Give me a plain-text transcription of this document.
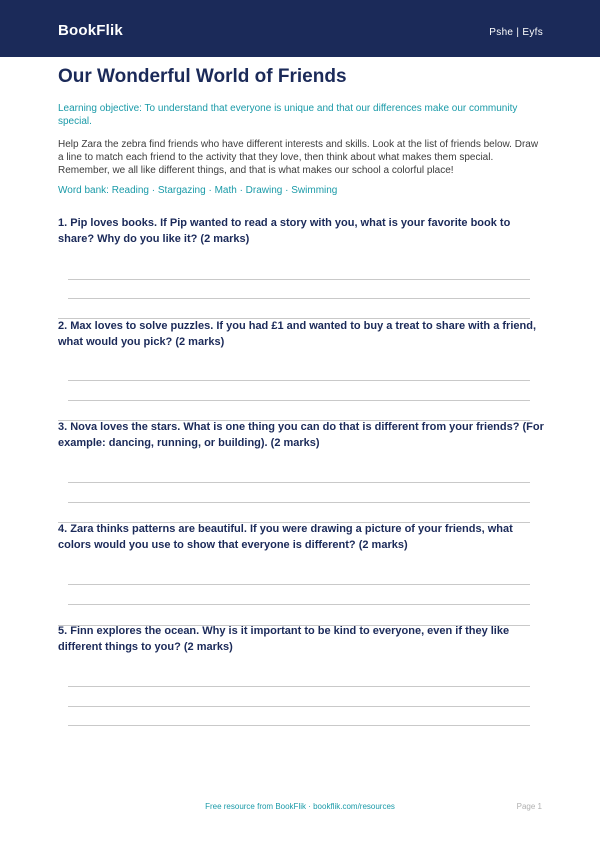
BookFlik	Pshe | Eyfs
Our Wonderful World of Friends
Learning objective: To understand that everyone is unique and that our differences make our community special.
Help Zara the zebra find friends who have different interests and skills. Look at the list of friends below. Draw a line to match each friend to the activity that they love, then think about what makes them special. Remember, we all like different things, and that is what makes our school a colorful place!
Word bank: Reading · Stargazing · Math · Drawing · Swimming
1. Pip loves books. If Pip wanted to read a story with you, what is your favorite book to share? Why do you like it? (2 marks)
2. Max loves to solve puzzles. If you had £1 and wanted to buy a treat to share with a friend, what would you pick? (2 marks)
3. Nova loves the stars. What is one thing you can do that is different from your friends? (For example: dancing, running, or building). (2 marks)
4. Zara thinks patterns are beautiful. If you were drawing a picture of your friends, what colors would you use to show that everyone is different? (2 marks)
5. Finn explores the ocean. Why is it important to be kind to everyone, even if they like different things to you? (2 marks)
Free resource from BookFlik · bookflik.com/resources	Page 1
